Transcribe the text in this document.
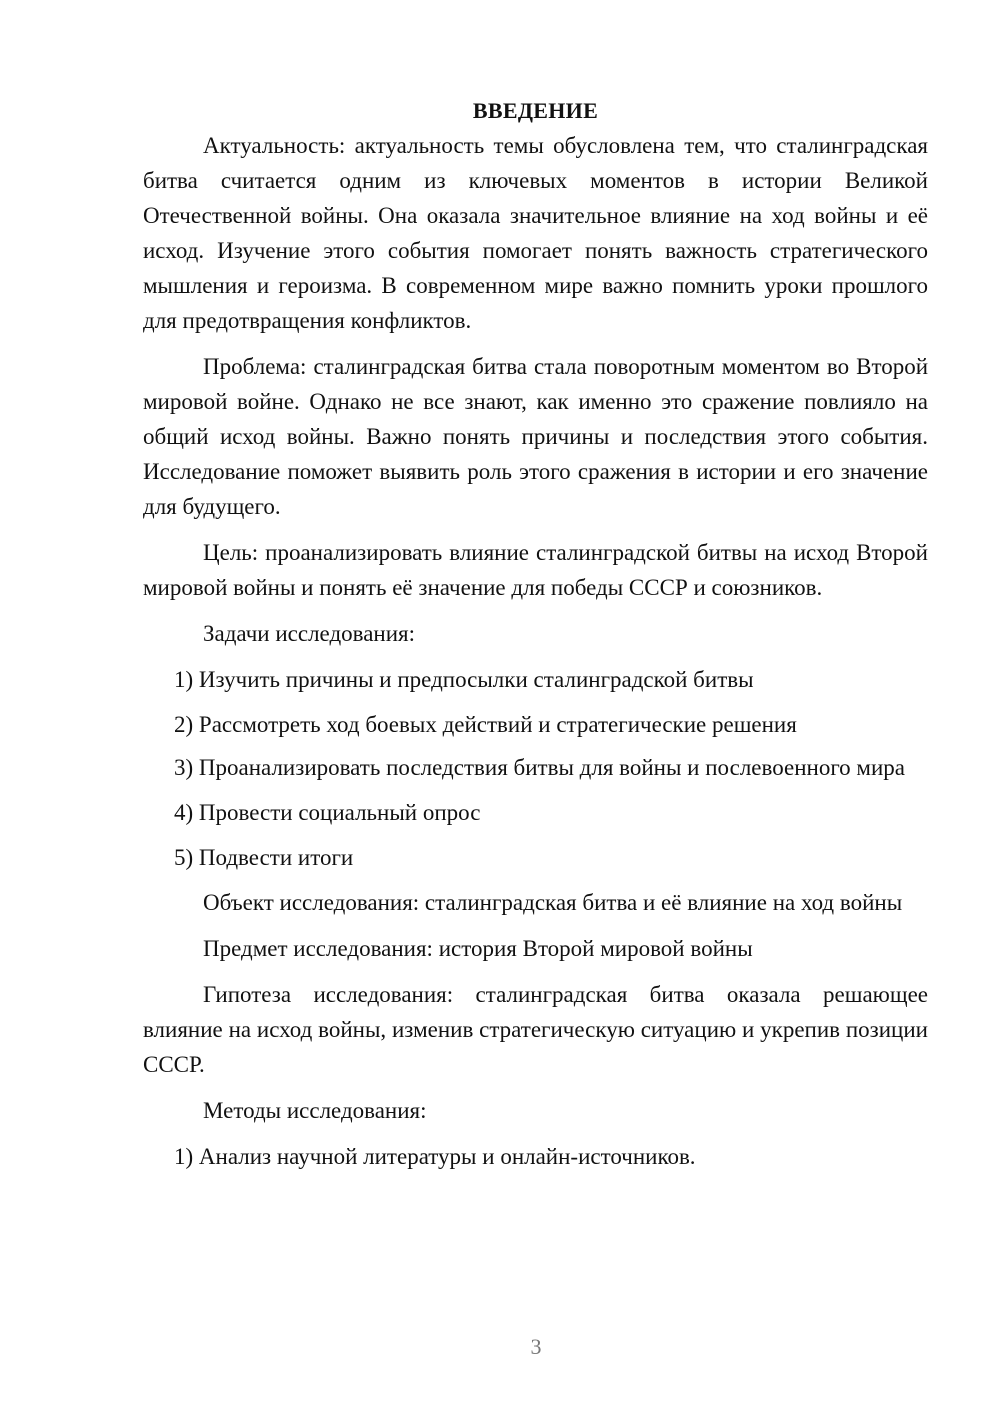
ВВЕДЕНИЕ

Актуальность: актуальность темы обусловлена тем, что сталинградская битва считается одним из ключевых моментов в истории Великой Отечественной войны. Она оказала значительное влияние на ход войны и её исход. Изучение этого события помогает понять важность стратегического мышления и героизма. В современном мире важно помнить уроки прошлого для предотвращения конфликтов.

Проблема: сталинградская битва стала поворотным моментом во Второй мировой войне. Однако не все знают, как именно это сражение повлияло на общий исход войны. Важно понять причины и последствия этого события. Исследование поможет выявить роль этого сражения в истории и его значение для будущего.

Цель: проанализировать влияние сталинградской битвы на исход Второй мировой войны и понять её значение для победы СССР и союзников.

Задачи исследования:

1) Изучить причины и предпосылки сталинградской битвы

2) Рассмотреть ход боевых действий и стратегические решения

3) Проанализировать последствия битвы для войны и послевоенного мира

4) Провести социальный опрос

5) Подвести итоги

Объект исследования: сталинградская битва и её влияние на ход войны

Предмет исследования: история Второй мировой войны

Гипотеза исследования: сталинградская битва оказала решающее влияние на исход войны, изменив стратегическую ситуацию и укрепив позиции СССР.

Методы исследования:

1) Анализ научной литературы и онлайн-источников.

3
